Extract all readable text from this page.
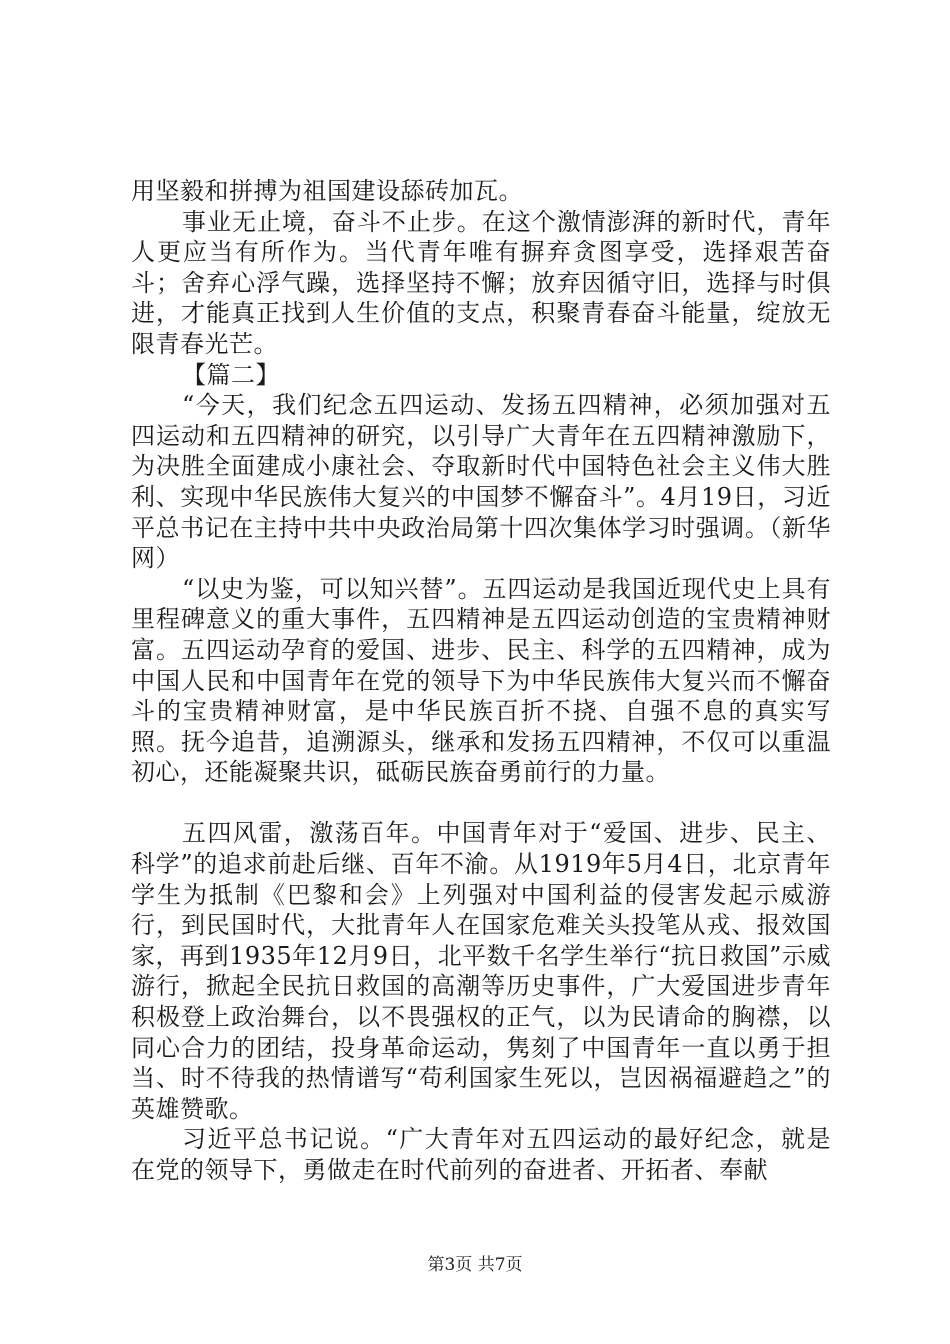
用坚毅和拼搏为祖国建设舔砖加瓦。

事业无止境，奋斗不止步。在这个激情澎湃的新时代，青年人更应当有所作为。当代青年唯有摒弃贪图享受，选择艰苦奋斗；舍弃心浮气躁，选择坚持不懈；放弃因循守旧，选择与时俱进，才能真正找到人生价值的支点，积聚青春奋斗能量，绽放无限青春光芒。

【篇二】

“今天，我们纪念五四运动、发扬五四精神，必须加强对五四运动和五四精神的研究，以引导广大青年在五四精神激励下，为决胜全面建成小康社会、夺取新时代中国特色社会主义伟大胜利、实现中华民族伟大复兴的中国梦不懈奋斗”。4月19日，习近平总书记在主持中共中央政治局第十四次集体学习时强调。（新华网）

“以史为鉴，可以知兴替”。五四运动是我国近现代史上具有里程碑意义的重大事件，五四精神是五四运动创造的宝贵精神财富。五四运动孕育的爱国、进步、民主、科学的五四精神，成为中国人民和中国青年在党的领导下为中华民族伟大复兴而不懈奋斗的宝贵精神财富，是中华民族百折不挠、自强不息的真实写照。抚今追昔，追溯源头，继承和发扬五四精神，不仅可以重温初心，还能凝聚共识，砥砺民族奋勇前行的力量。

五四风雷，激荡百年。中国青年对于“爱国、进步、民主、科学”的追求前赴后继、百年不渝。从1919年5月4日，北京青年学生为抵制《巴黎和会》上列强对中国利益的侵害发起示威游行，到民国时代，大批青年人在国家危难关头投笔从戎、报效国家，再到1935年12月9日，北平数千名学生举行“抗日救国”示威游行，掀起全民抗日救国的高潮等历史事件，广大爱国进步青年积极登上政治舞台，以不畏强权的正气，以为民请命的胸襟，以同心合力的团结，投身革命运动，隽刻了中国青年一直以勇于担当、时不待我的热情谱写“苟利国家生死以，岂因祸福避趋之”的英雄赞歌。

习近平总书记说。“广大青年对五四运动的最好纪念，就是在党的领导下，勇做走在时代前列的奋进者、开拓者、奉献

第3页 共7页
